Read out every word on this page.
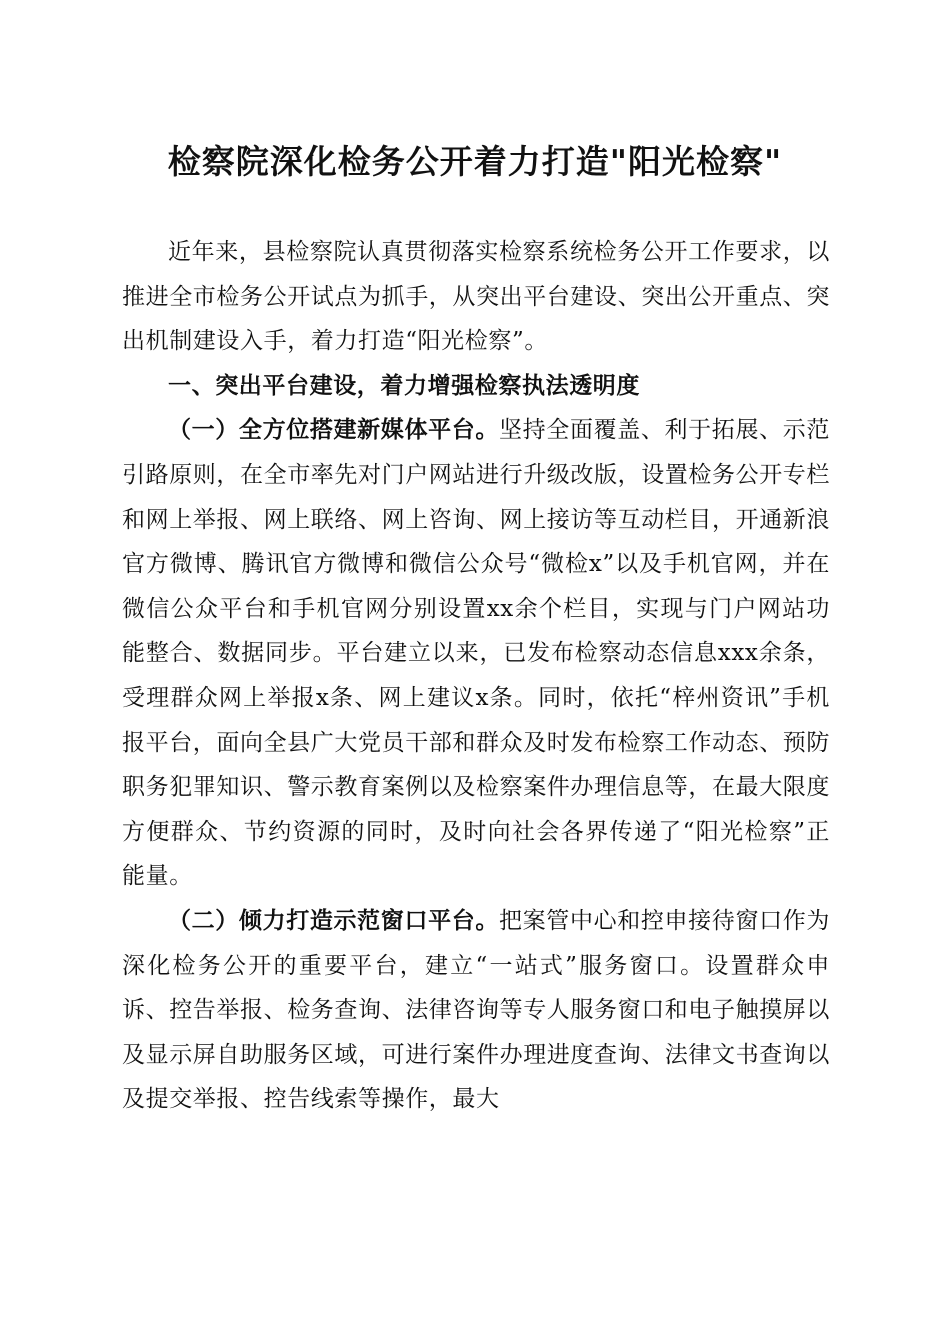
检察院深化检务公开着力打造"阳光检察"

近年来，县检察院认真贯彻落实检察系统检务公开工作要求，以推进全市检务公开试点为抓手，从突出平台建设、突出公开重点、突出机制建设入手，着力打造“阳光检察”。

一、突出平台建设，着力增强检察执法透明度

（一）全方位搭建新媒体平台。坚持全面覆盖、利于拓展、示范引路原则，在全市率先对门户网站进行升级改版，设置检务公开专栏和网上举报、网上联络、网上咨询、网上接访等互动栏目，开通新浪官方微博、腾讯官方微博和微信公众号“微检x”以及手机官网，并在微信公众平台和手机官网分别设置xx余个栏目，实现与门户网站功能整合、数据同步。平台建立以来，已发布检察动态信息xxx余条，受理群众网上举报x条、网上建议x条。同时，依托“梓州资讯”手机报平台，面向全县广大党员干部和群众及时发布检察工作动态、预防职务犯罪知识、警示教育案例以及检察案件办理信息等，在最大限度方便群众、节约资源的同时，及时向社会各界传递了“阳光检察”正能量。

（二）倾力打造示范窗口平台。把案管中心和控申接待窗口作为深化检务公开的重要平台，建立“一站式”服务窗口。设置群众申诉、控告举报、检务查询、法律咨询等专人服务窗口和电子触摸屏以及显示屏自助服务区域，可进行案件办理进度查询、法律文书查询以及提交举报、控告线索等操作，最大
